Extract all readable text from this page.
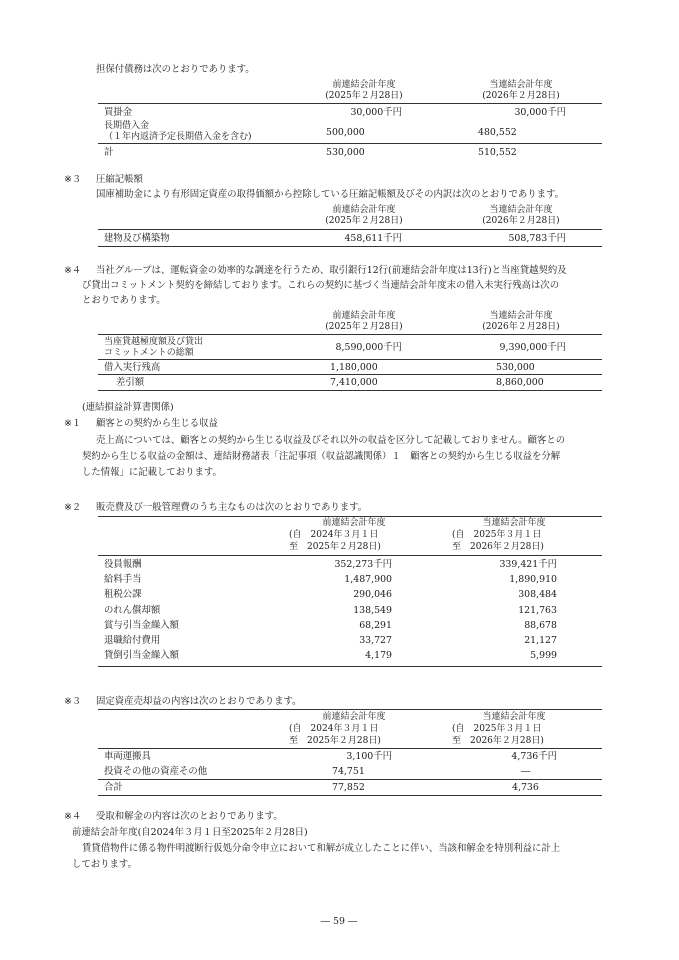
担保付債務は次のとおりであります。
前連結会計年度
(2025年２月28日)
当連結会計年度
(2026年２月28日)
買掛金	30,000千円	30,000千円
長期借入金
（１年内返済予定長期借入金を含む)	500,000	480,552
計	530,000	510,552
※３ 圧縮記帳額
国庫補助金により有形固定資産の取得価額から控除している圧縮記帳額及びその内訳は次のとおりであります。
前連結会計年度
(2025年２月28日)
当連結会計年度
(2026年２月28日)
建物及び構築物	458,611千円	508,783千円
※４ 当社グループは、運転資金の効率的な調達を行うため、取引銀行12行(前連結会計年度は13行)と当座貸越契約及
び貸出コミットメント契約を締結しております。これらの契約に基づく当連結会計年度末の借入未実行残高は次の
とおりであります。
前連結会計年度
(2025年２月28日)
当連結会計年度
(2026年２月28日)
当座貸越極度額及び貸出
コミットメントの総額	8,590,000千円	9,390,000千円
借入実行残高	1,180,000	530,000
差引額	7,410,000	8,860,000
(連結損益計算書関係)
※１ 顧客との契約から生じる収益
売上高については、顧客との契約から生じる収益及びそれ以外の収益を区分して記載しておりません。顧客との
契約から生じる収益の金額は、連結財務諸表「注記事項（収益認識関係）１　顧客との契約から生じる収益を分解
した情報」に記載しております。
※２ 販売費及び一般管理費のうち主なものは次のとおりであります。
前連結会計年度
(自　2024年３月１日
至　2025年２月28日)
当連結会計年度
(自　2025年３月１日
至　2026年２月28日)
役員報酬	352,273千円	339,421千円
給料手当	1,487,900	1,890,910
租税公課	290,046	308,484
のれん償却額	138,549	121,763
賞与引当金繰入額	68,291	88,678
退職給付費用	33,727	21,127
貸倒引当金繰入額	4,179	5,999
※３ 固定資産売却益の内容は次のとおりであります。
前連結会計年度
(自　2024年３月１日
至　2025年２月28日)
当連結会計年度
(自　2025年３月１日
至　2026年２月28日)
車両運搬具	3,100千円	4,736千円
投資その他の資産その他	74,751	―
合計	77,852	4,736
※４ 受取和解金の内容は次のとおりであります。
前連結会計年度(自2024年３月１日至2025年２月28日)
賃貸借物件に係る物件明渡断行仮処分命令申立において和解が成立したことに伴い、当該和解金を特別利益に計上
しております。
― 59 ―
